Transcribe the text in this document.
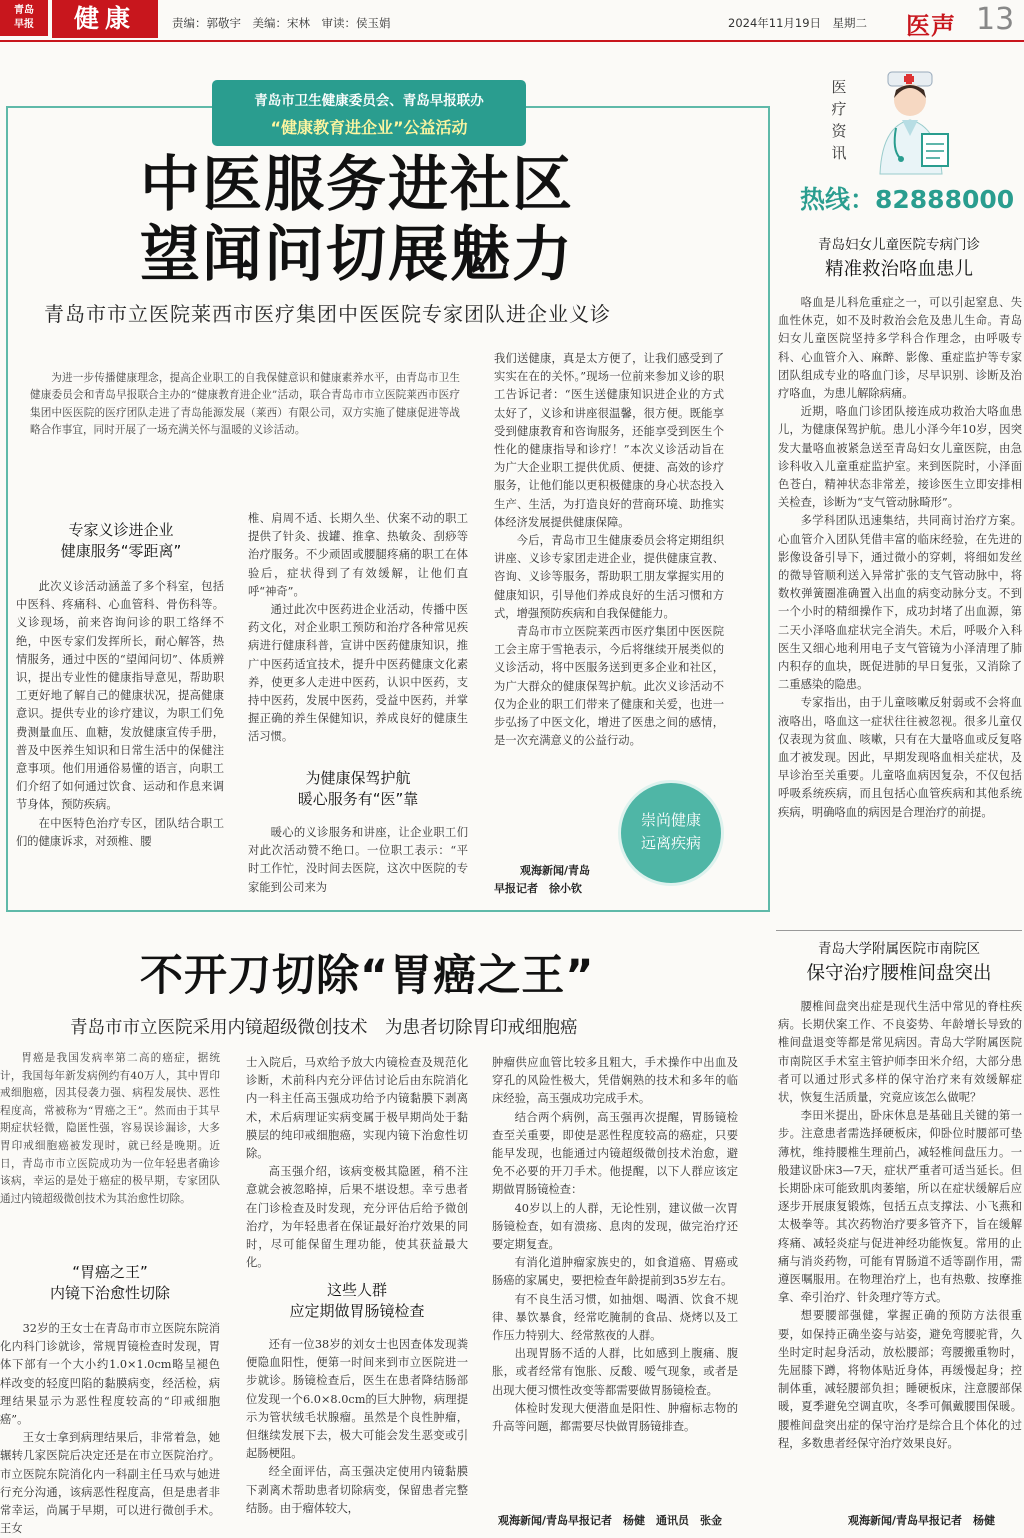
青岛
早报	健康	责编：郭敬宇　美编：宋林　审读：侯玉娟	2024年11月19日　星期二 医声 13
青岛市卫生健康委员会、青岛早报联办
“健康教育进企业”公益活动
中医服务进社区
望闻问切展魅力
青岛市市立医院莱西市医疗集团中医医院专家团队进企业义诊

为进一步传播健康理念，提高企业职工的自我保健意识和健康素养水平，由青岛市卫生健康委员会和青岛早报联合主办的“健康教育进企业”活动，联合青岛市市立医院莱西市医疗集团中医医院的医疗团队走进了青岛能源发展（莱西）有限公司，双方实施了健康促进等战略合作事宜，同时开展了一场充满关怀与温暖的义诊活动。

专家义诊进企业
健康服务“零距离”

此次义诊活动涵盖了多个科室，包括中医科、疼痛科、心血管科、骨伤科等。义诊现场，前来咨询问诊的职工络绎不绝，中医专家们发挥所长，耐心解答，热情服务，通过中医的“望闻问切”、体质辨识，提出专业性的健康指导意见，帮助职工更好地了解自己的健康状况，提高健康意识。提供专业的诊疗建议，为职工们免费测量血压、血糖，发放健康宣传手册，普及中医养生知识和日常生活中的保健注意事项。他们用通俗易懂的语言，向职工们介绍了如何通过饮食、运动和作息来调节身体，预防疾病。

在中医特色治疗专区，团队结合职工们的健康诉求，对颈椎、腰

椎、肩周不适、长期久坐、伏案不动的职工提供了针灸、拔罐、推拿、热敏灸、刮痧等治疗服务。不少顽固或腰腿疼痛的职工在体验后，症状得到了有效缓解，让他们直呼“神奇”。

通过此次中医药进企业活动，传播中医药文化，对企业职工预防和治疗各种常见疾病进行健康科普，宣讲中医药健康知识，推广中医药适宜技术，提升中医药健康文化素养，使更多人走进中医药，认识中医药，支持中医药，发展中医药，受益中医药，并掌握正确的养生保健知识，养成良好的健康生活习惯。

为健康保驾护航
暖心服务有“医”靠

暖心的义诊服务和讲座，让企业职工们对此次活动赞不绝口。一位职工表示：“平时工作忙，没时间去医院，这次中医院的专家能到公司来为

我们送健康，真是太方便了，让我们感受到了实实在在的关怀。”现场一位前来参加义诊的职工告诉记者：“医生送健康知识进企业的方式太好了，义诊和讲座很温馨，很方便。既能享受到健康教育和咨询服务，还能享受到医生个性化的健康指导和诊疗！”本次义诊活动旨在为广大企业职工提供优质、便捷、高效的诊疗服务，让他们能以更积极健康的身心状态投入生产、生活，为打造良好的营商环境、助推实体经济发展提供健康保障。

今后，青岛市卫生健康委员会将定期组织讲座、义诊专家团走进企业，提供健康宣教、咨询、义诊等服务，帮助职工朋友掌握实用的健康知识，引导他们养成良好的生活习惯和方式，增强预防疾病和自我保健能力。

青岛市市立医院莱西市医疗集团中医医院工会主席于雪艳表示，今后将继续开展类似的义诊活动，将中医服务送到更多企业和社区，为广大群众的健康保驾护航。此次义诊活动不仅为企业的职工们带来了健康和关爱，也进一步弘扬了中医文化，增进了医患之间的感情，是一次充满意义的公益行动。

观海新闻/青岛
早报记者　徐小钦
崇尚健康
远离疾病
医
疗
资
讯
热线：82888000
青岛妇女儿童医院专病门诊
精准救治咯血患儿

咯血是儿科危重症之一，可以引起窒息、失血性休克，如不及时救治会危及患儿生命。青岛妇女儿童医院坚持多学科合作理念，由呼吸专科、心血管介入、麻醉、影像、重症监护等专家团队组成专业的咯血门诊，尽早识别、诊断及治疗咯血，为患儿解除病痛。

近期，咯血门诊团队接连成功救治大咯血患儿，为健康保驾护航。患儿小泽今年10岁，因突发大量咯血被紧急送至青岛妇女儿童医院，由急诊科收入儿童重症监护室。来到医院时，小泽面色苍白，精神状态非常差，接诊医生立即安排相关检查，诊断为“支气管动脉畸形”。

多学科团队迅速集结，共同商讨治疗方案。心血管介入团队凭借丰富的临床经验，在先进的影像设备引导下，通过微小的穿刺，将细如发丝的微导管顺利送入异常扩张的支气管动脉中，将数枚弹簧圈准确置入出血的病变动脉分支。不到一个小时的精细操作下，成功封堵了出血源，第二天小泽咯血症状完全消失。术后，呼吸介入科医生又细心地利用电子支气管镜为小泽清理了肺内积存的血块，既促进肺的早日复张，又消除了二重感染的隐患。

专家指出，由于儿童咳嗽反射弱或不会将血液咯出，咯血这一症状往往被忽视。很多儿童仅仅表现为贫血、咳嗽，只有在大量咯血或反复咯血才被发现。因此，早期发现咯血相关症状，及早诊治至关重要。儿童咯血病因复杂，不仅包括呼吸系统疾病，而且包括心血管疾病和其他系统疾病，明确咯血的病因是合理治疗的前提。

不开刀切除“胃癌之王”
青岛市市立医院采用内镜超级微创技术　为患者切除胃印戒细胞癌

胃癌是我国发病率第二高的癌症，据统计，我国每年新发病例约有40万人，其中胃印戒细胞癌，因其侵袭力强、病程发展快、恶性程度高，常被称为“胃癌之王”。然而由于其早期症状轻微，隐匿性强，容易误诊漏诊，大多胃印戒细胞癌被发现时，就已经是晚期。近日，青岛市市立医院成功为一位年轻患者确诊该病，幸运的是处于癌症的极早期，专家团队通过内镜超级微创技术为其治愈性切除。

“胃癌之王”
内镜下治愈性切除

32岁的王女士在青岛市市立医院东院消化内科门诊就诊，常规胃镜检查时发现，胃体下部有一个大小约1.0×1.0cm略呈褪色样改变的轻度凹陷的黏膜病变，经活检，病理结果显示为恶性程度较高的“印戒细胞癌”。

王女士拿到病理结果后，非常着急，她辗转几家医院后决定还是在市立医院治疗。市立医院东院消化内一科副主任马欢与她进行充分沟通，该病恶性程度高，但是患者非常幸运，尚属于早期，可以进行微创手术。王女

士入院后，马欢给予放大内镜检查及规范化诊断，术前科内充分评估讨论后由东院消化内一科主任高玉强成功给予内镜黏膜下剥离术，术后病理证实病变属于极早期尚处于黏膜层的纯印戒细胞癌，实现内镜下治愈性切除。

高玉强介绍，该病变极其隐匿，稍不注意就会被忽略掉，后果不堪设想。幸亏患者在门诊检查及时发现，充分评估后给予微创治疗，为年轻患者在保证最好治疗效果的同时，尽可能保留生理功能，使其获益最大化。

这些人群
应定期做胃肠镜检查

还有一位38岁的刘女士也因查体发现粪便隐血阳性，便第一时间来到市立医院进一步就诊。肠镜检查后，医生在患者降结肠部位发现一个6.0×8.0cm的巨大肿物，病理提示为管状绒毛状腺瘤。虽然是个良性肿瘤，但继续发展下去，极大可能会发生恶变或引起肠梗阻。

经全面评估，高玉强决定使用内镜黏膜下剥离术帮助患者切除病变，保留患者完整结肠。由于瘤体较大，

肿瘤供应血管比较多且粗大，手术操作中出血及穿孔的风险性极大，凭借娴熟的技术和多年的临床经验，高玉强成功完成手术。

结合两个病例，高玉强再次提醒，胃肠镜检查至关重要，即使是恶性程度较高的癌症，只要能早发现，也能通过内镜超级微创技术治愈，避免不必要的开刀手术。他提醒，以下人群应该定期做胃肠镜检查：

40岁以上的人群，无论性别，建议做一次胃肠镜检查，如有溃疡、息肉的发现，做完治疗还要定期复查。

有消化道肿瘤家族史的，如食道癌、胃癌或肠癌的家属史，要把检查年龄提前到35岁左右。

有不良生活习惯，如抽烟、喝酒、饮食不规律、暴饮暴食，经常吃腌制的食品、烧烤以及工作压力特别大、经常熬夜的人群。

出现胃肠不适的人群，比如感到上腹痛、腹胀，或者经常有饱胀、反酸、嗳气现象，或者是出现大便习惯性改变等都需要做胃肠镜检查。

体检时发现大便潜血是阳性、肿瘤标志物的升高等问题，都需要尽快做胃肠镜排查。

观海新闻/青岛早报记者　杨健　通讯员　张金
青岛大学附属医院市南院区
保守治疗腰椎间盘突出

腰椎间盘突出症是现代生活中常见的脊柱疾病。长期伏案工作、不良姿势、年龄增长导致的椎间盘退变等都是常见病因。青岛大学附属医院市南院区手术室主管护师李田米介绍，大部分患者可以通过形式多样的保守治疗来有效缓解症状，恢复生活质量，究竟应该怎么做呢？

李田米提出，卧床休息是基础且关键的第一步。注意患者需选择硬板床，仰卧位时腰部可垫薄枕，维持腰椎生理前凸，减轻椎间盘压力。一般建议卧床3—7天，症状严重者可适当延长。但长期卧床可能致肌肉萎缩，所以在症状缓解后应逐步开展康复锻炼，包括五点支撑法、小飞燕和太极拳等。其次药物治疗要多管齐下，旨在缓解疼痛、减轻炎症与促进神经功能恢复。常用的止痛与消炎药物，可能有胃肠道不适等副作用，需遵医嘱服用。在物理治疗上，也有热敷、按摩推拿、牵引治疗、针灸理疗等方式。

想要腰部强健，掌握正确的预防方法很重要，如保持正确坐姿与站姿，避免弯腰驼背，久坐时定时起身活动，放松腰部；弯腰搬重物时，先屈膝下蹲，将物体贴近身体，再缓慢起身；控制体重，减轻腰部负担；睡硬板床，注意腰部保暖，夏季避免空调直吹，冬季可佩戴腰围保暖。腰椎间盘突出症的保守治疗是综合且个体化的过程，多数患者经保守治疗效果良好。

观海新闻/青岛早报记者　杨健
